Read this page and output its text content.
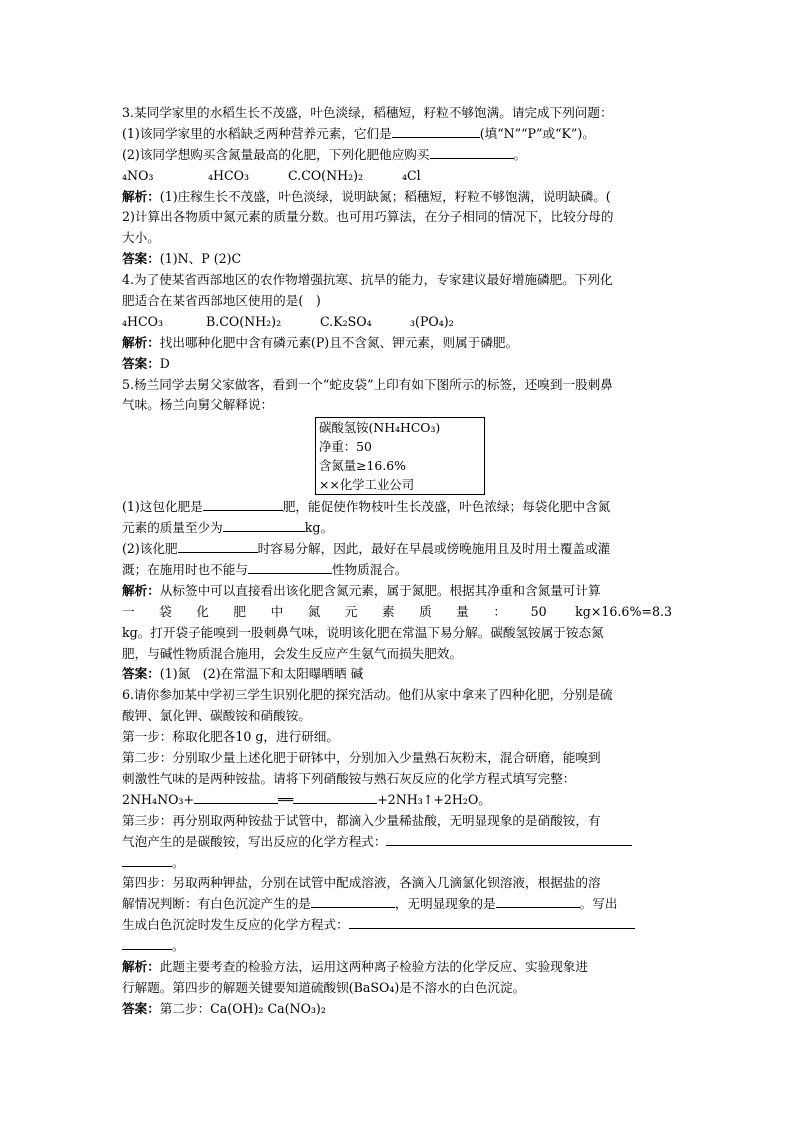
3.某同学家里的水稻生长不茂盛，叶色淡绿，稻穗短，籽粒不够饱满。请完成下列问题：
(1)该同学家里的水稻缺乏两种营养元素，它们是	(填“N”“P”或“K”)。
(2)该同学想购买含氮量最高的化肥，下列化肥他应购买	。
₄NO₃	₄HCO₃	C.CO(NH₂)₂	₄Cl
解析：(1)庄稼生长不茂盛，叶色淡绿，说明缺氮；稻穗短，籽粒不够饱满，说明缺磷。(
2)计算出各物质中氮元素的质量分数。也可用巧算法，在分子相同的情况下，比较分母的
大小。
答案：(1)N、P (2)C
4.为了使某省西部地区的农作物增强抗寒、抗旱的能力，专家建议最好增施磷肥。下列化
肥适合在某省西部地区使用的是(　)
₄HCO₃	B.CO(NH₂)₂	C.K₂SO₄	₃(PO₄)₂
解析：找出哪种化肥中含有磷元素(P)且不含氮、钾元素，则属于磷肥。
答案：D
5.杨兰同学去舅父家做客，看到一个“蛇皮袋”上印有如下图所示的标签，还嗅到一股刺鼻
气味。杨兰向舅父解释说：
碳酸氢铵(NH₄HCO₃)
净重：50
含氮量≥16.6%
××化学工业公司
(1)这包化肥是	肥，能促使作物枝叶生长茂盛，叶色浓绿；每袋化肥中含氮
元素的质量至少为	kg。
(2)该化肥	时容易分解，因此，最好在早晨或傍晚施用且及时用土覆盖或灌
溉；在施用时也不能与	性物质混合。
解析：从标签中可以直接看出该化肥含氮元素，属于氮肥。根据其净重和含氮量可计算
一袋化肥中氮元素质量：50 kg×16.6%=8.3
kg。打开袋子能嗅到一股刺鼻气味，说明该化肥在常温下易分解。碳酸氢铵属于铵态氮
肥，与碱性物质混合施用，会发生反应产生氨气而损失肥效。
答案：(1)氮　(2)在常温下和太阳曝晒晒 碱
6.请你参加某中学初三学生识别化肥的探究活动。他们从家中拿来了四种化肥，分别是硫
酸钾、氯化钾、碳酸铵和硝酸铵。
第一步：称取化肥各10 g，进行研细。
第二步：分别取少量上述化肥于研钵中，分别加入少量熟石灰粉末，混合研磨，能嗅到
刺激性气味的是两种铵盐。请将下列硝酸铵与熟石灰反应的化学方程式填写完整：
2NH₄NO₃+	══	+2NH₃↑+2H₂O。
第三步：再分别取两种铵盐于试管中，都滴入少量稀盐酸，无明显现象的是硝酸铵，有
气泡产生的是碳酸铵，写出反应的化学方程式：
。
第四步：另取两种钾盐，分别在试管中配成溶液，各滴入几滴氯化钡溶液，根据盐的溶
解情况判断：有白色沉淀产生的是	，无明显现象的是	。写出
生成白色沉淀时发生反应的化学方程式：
。
解析：此题主要考查的检验方法，运用这两种离子检验方法的化学反应、实验现象进
行解题。第四步的解题关键要知道硫酸钡(BaSO₄)是不溶水的白色沉淀。
答案：第二步：Ca(OH)₂ Ca(NO₃)₂
